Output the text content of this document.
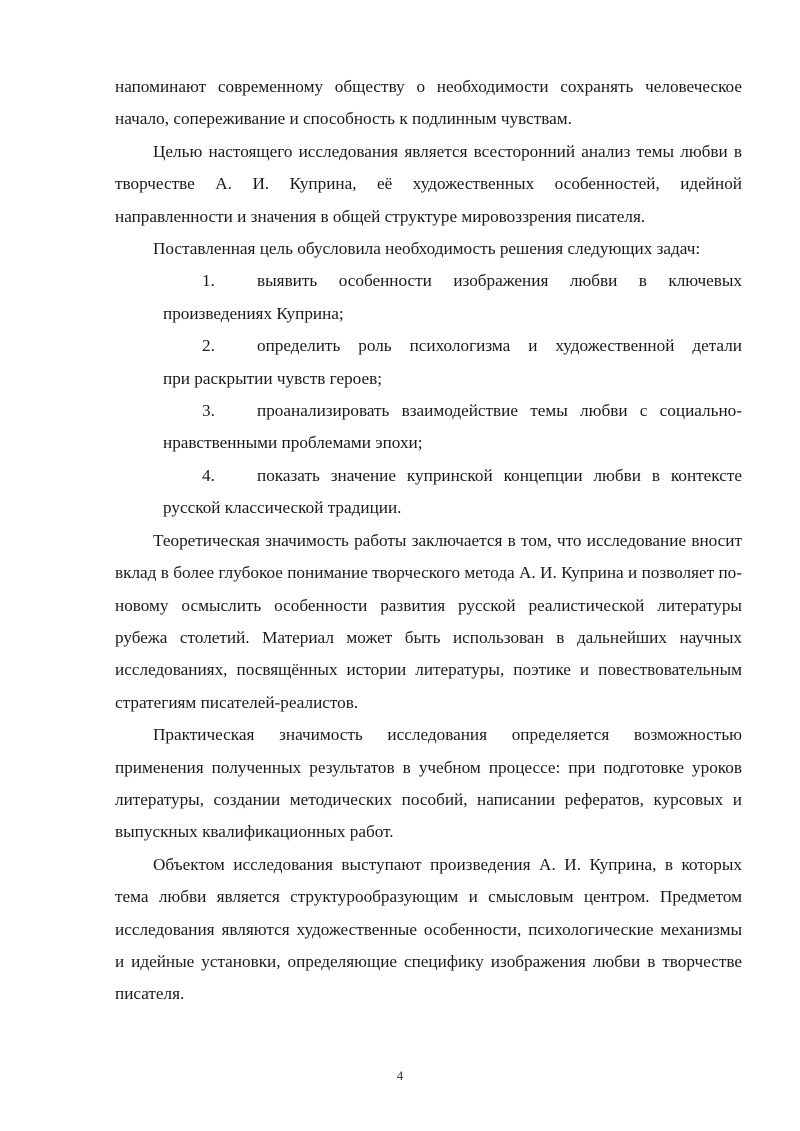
напоминают современному обществу о необходимости сохранять человеческое начало, сопереживание и способность к подлинным чувствам.

Целью настоящего исследования является всесторонний анализ темы любви в творчестве А. И. Куприна, её художественных особенностей, идейной направленности и значения в общей структуре мировоззрения писателя.

Поставленная цель обусловила необходимость решения следующих задач:

1. выявить особенности изображения любви в ключевых
произведениях Куприна;
2. определить роль психологизма и художественной детали
при раскрытии чувств героев;
3. проанализировать взаимодействие темы любви с социально-
нравственными проблемами эпохи;
4. показать значение купринской концепции любви в контексте
русской классической традиции.

Теоретическая значимость работы заключается в том, что исследование вносит вклад в более глубокое понимание творческого метода А. И. Куприна и позволяет по-новому осмыслить особенности развития русской реалистической литературы рубежа столетий. Материал может быть использован в дальнейших научных исследованиях, посвящённых истории литературы, поэтике и повествовательным стратегиям писателей-реалистов.

Практическая значимость исследования определяется возможностью применения полученных результатов в учебном процессе: при подготовке уроков литературы, создании методических пособий, написании рефератов, курсовых и выпускных квалификационных работ.

Объектом исследования выступают произведения А. И. Куприна, в которых тема любви является структурообразующим и смысловым центром. Предметом исследования являются художественные особенности, психологические механизмы и идейные установки, определяющие специфику изображения любви в творчестве писателя.

4
